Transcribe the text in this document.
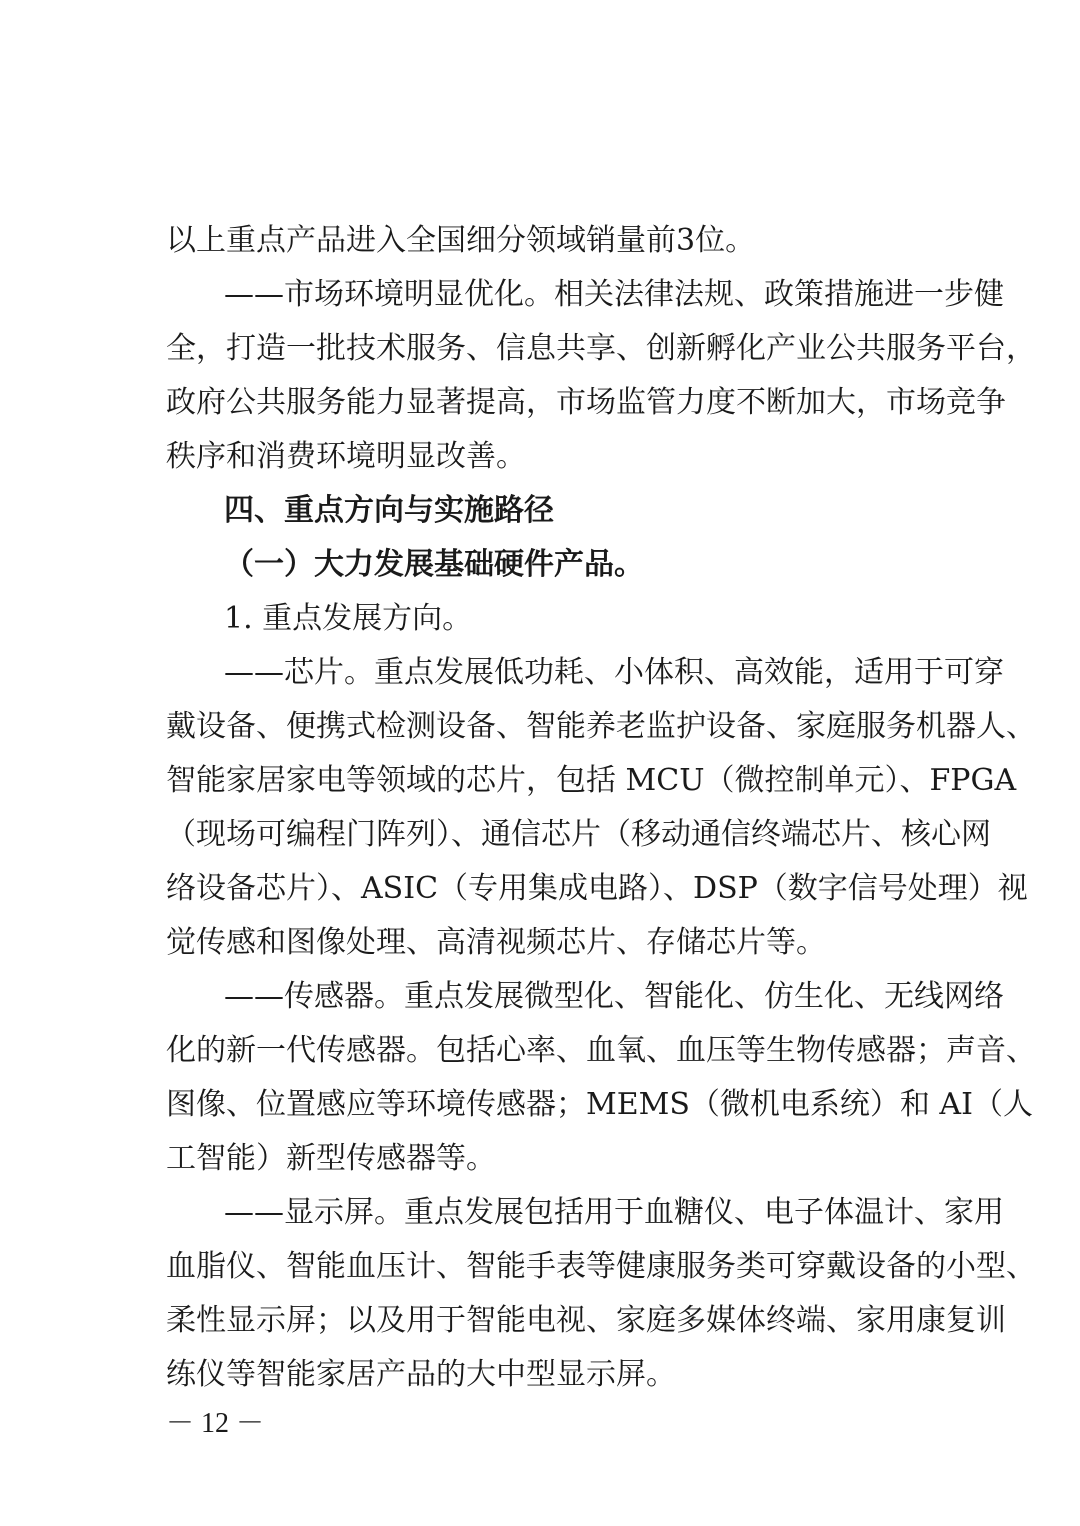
以上重点产品进入全国细分领域销量前3位。
——市场环境明显优化。相关法律法规、政策措施进一步健
全，打造一批技术服务、信息共享、创新孵化产业公共服务平台，
政府公共服务能力显著提高，市场监管力度不断加大，市场竞争
秩序和消费环境明显改善。
四、重点方向与实施路径
（一）大力发展基础硬件产品。
1. 重点发展方向。
——芯片。重点发展低功耗、小体积、高效能，适用于可穿
戴设备、便携式检测设备、智能养老监护设备、家庭服务机器人、
智能家居家电等领域的芯片，包括 MCU（微控制单元）、FPGA
（现场可编程门阵列）、通信芯片（移动通信终端芯片、核心网
络设备芯片）、ASIC（专用集成电路）、DSP（数字信号处理）视
觉传感和图像处理、高清视频芯片、存储芯片等。
——传感器。重点发展微型化、智能化、仿生化、无线网络
化的新一代传感器。包括心率、血氧、血压等生物传感器；声音、
图像、位置感应等环境传感器；MEMS（微机电系统）和 AI（人
工智能）新型传感器等。
——显示屏。重点发展包括用于血糖仪、电子体温计、家用
血脂仪、智能血压计、智能手表等健康服务类可穿戴设备的小型、
柔性显示屏；以及用于智能电视、家庭多媒体终端、家用康复训
练仪等智能家居产品的大中型显示屏。
－ 12 －
